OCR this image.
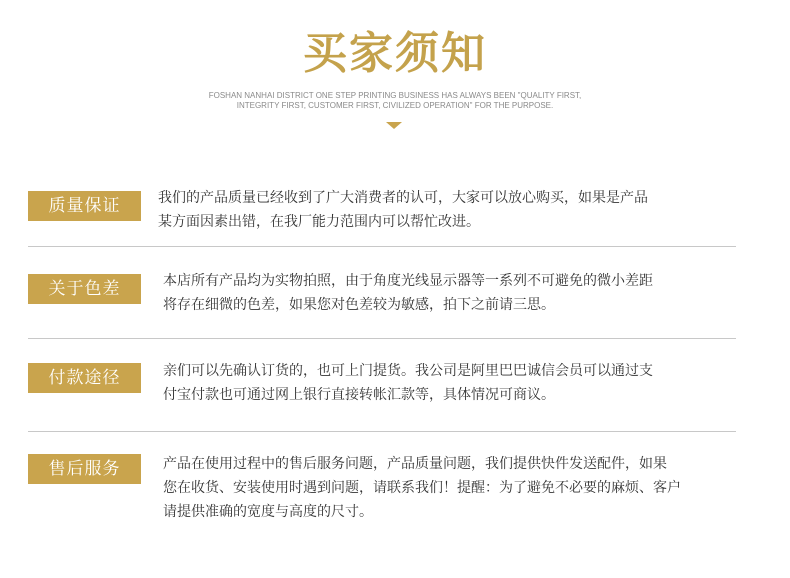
买家须知
FOSHAN NANHAI DISTRICT ONE STEP PRINTING BUSINESS HAS ALWAYS BEEN "QUALITY FIRST,
INTEGRITY FIRST, CUSTOMER FIRST, CIVILIZED OPERATION" FOR THE PURPOSE.
质量保证	我们的产品质量已经收到了广大消费者的认可，大家可以放心购买，如果是产品

某方面因素出错，在我厂能力范围内可以帮忙改进。

关于色差	本店所有产品均为实物拍照，由于角度光线显示器等一系列不可避免的微小差距

将存在细微的色差，如果您对色差较为敏感，拍下之前请三思。

付款途径	亲们可以先确认订货的，也可上门提货。我公司是阿里巴巴诚信会员可以通过支

付宝付款也可通过网上银行直接转帐汇款等，具体情况可商议。

售后服务	产品在使用过程中的售后服务问题，产品质量问题，我们提供快件发送配件，如果

您在收货、安装使用时遇到问题，请联系我们！提醒：为了避免不必要的麻烦、客户

请提供准确的宽度与高度的尺寸。
